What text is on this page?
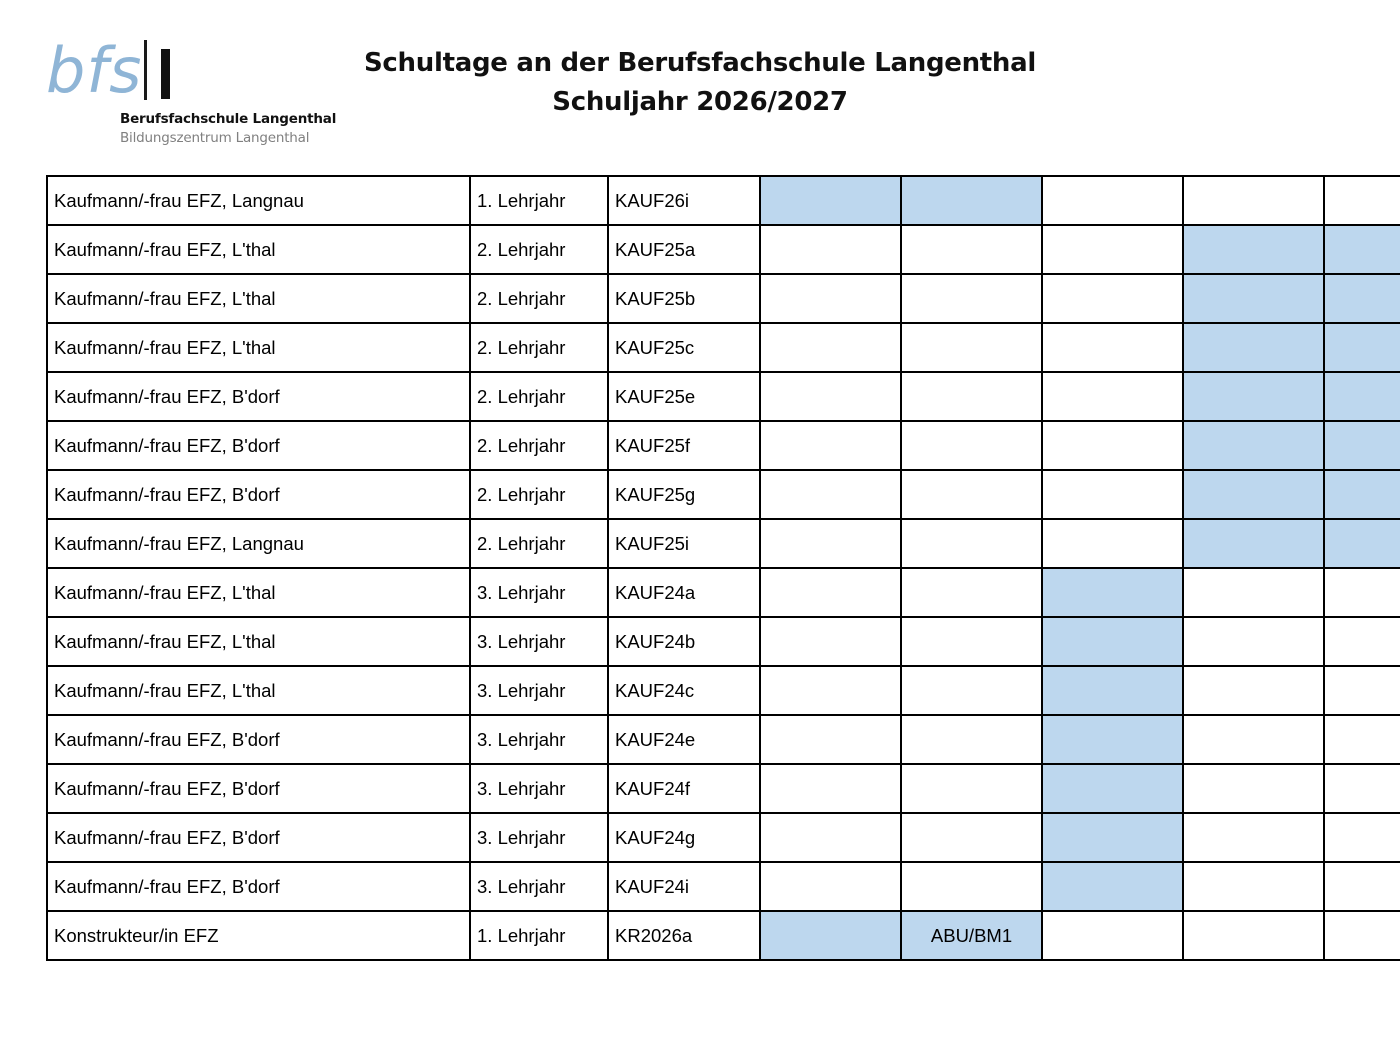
bfs
Berufsfachschule Langenthal
Bildungszentrum Langenthal
Schultage an der Berufsfachschule Langenthal
Schuljahr 2026/2027
Kaufmann/-frau EFZ, Langnau	1. Lehrjahr	KAUF26i					
Kaufmann/-frau EFZ, L'thal	2. Lehrjahr	KAUF25a					
Kaufmann/-frau EFZ, L'thal	2. Lehrjahr	KAUF25b					
Kaufmann/-frau EFZ, L'thal	2. Lehrjahr	KAUF25c					
Kaufmann/-frau EFZ, B'dorf	2. Lehrjahr	KAUF25e					
Kaufmann/-frau EFZ, B'dorf	2. Lehrjahr	KAUF25f					
Kaufmann/-frau EFZ, B'dorf	2. Lehrjahr	KAUF25g					
Kaufmann/-frau EFZ, Langnau	2. Lehrjahr	KAUF25i					
Kaufmann/-frau EFZ, L'thal	3. Lehrjahr	KAUF24a					
Kaufmann/-frau EFZ, L'thal	3. Lehrjahr	KAUF24b					
Kaufmann/-frau EFZ, L'thal	3. Lehrjahr	KAUF24c					
Kaufmann/-frau EFZ, B'dorf	3. Lehrjahr	KAUF24e					
Kaufmann/-frau EFZ, B'dorf	3. Lehrjahr	KAUF24f					
Kaufmann/-frau EFZ, B'dorf	3. Lehrjahr	KAUF24g					
Kaufmann/-frau EFZ, B'dorf	3. Lehrjahr	KAUF24i					
Konstrukteur/in EFZ	1. Lehrjahr	KR2026a		ABU/BM1			
